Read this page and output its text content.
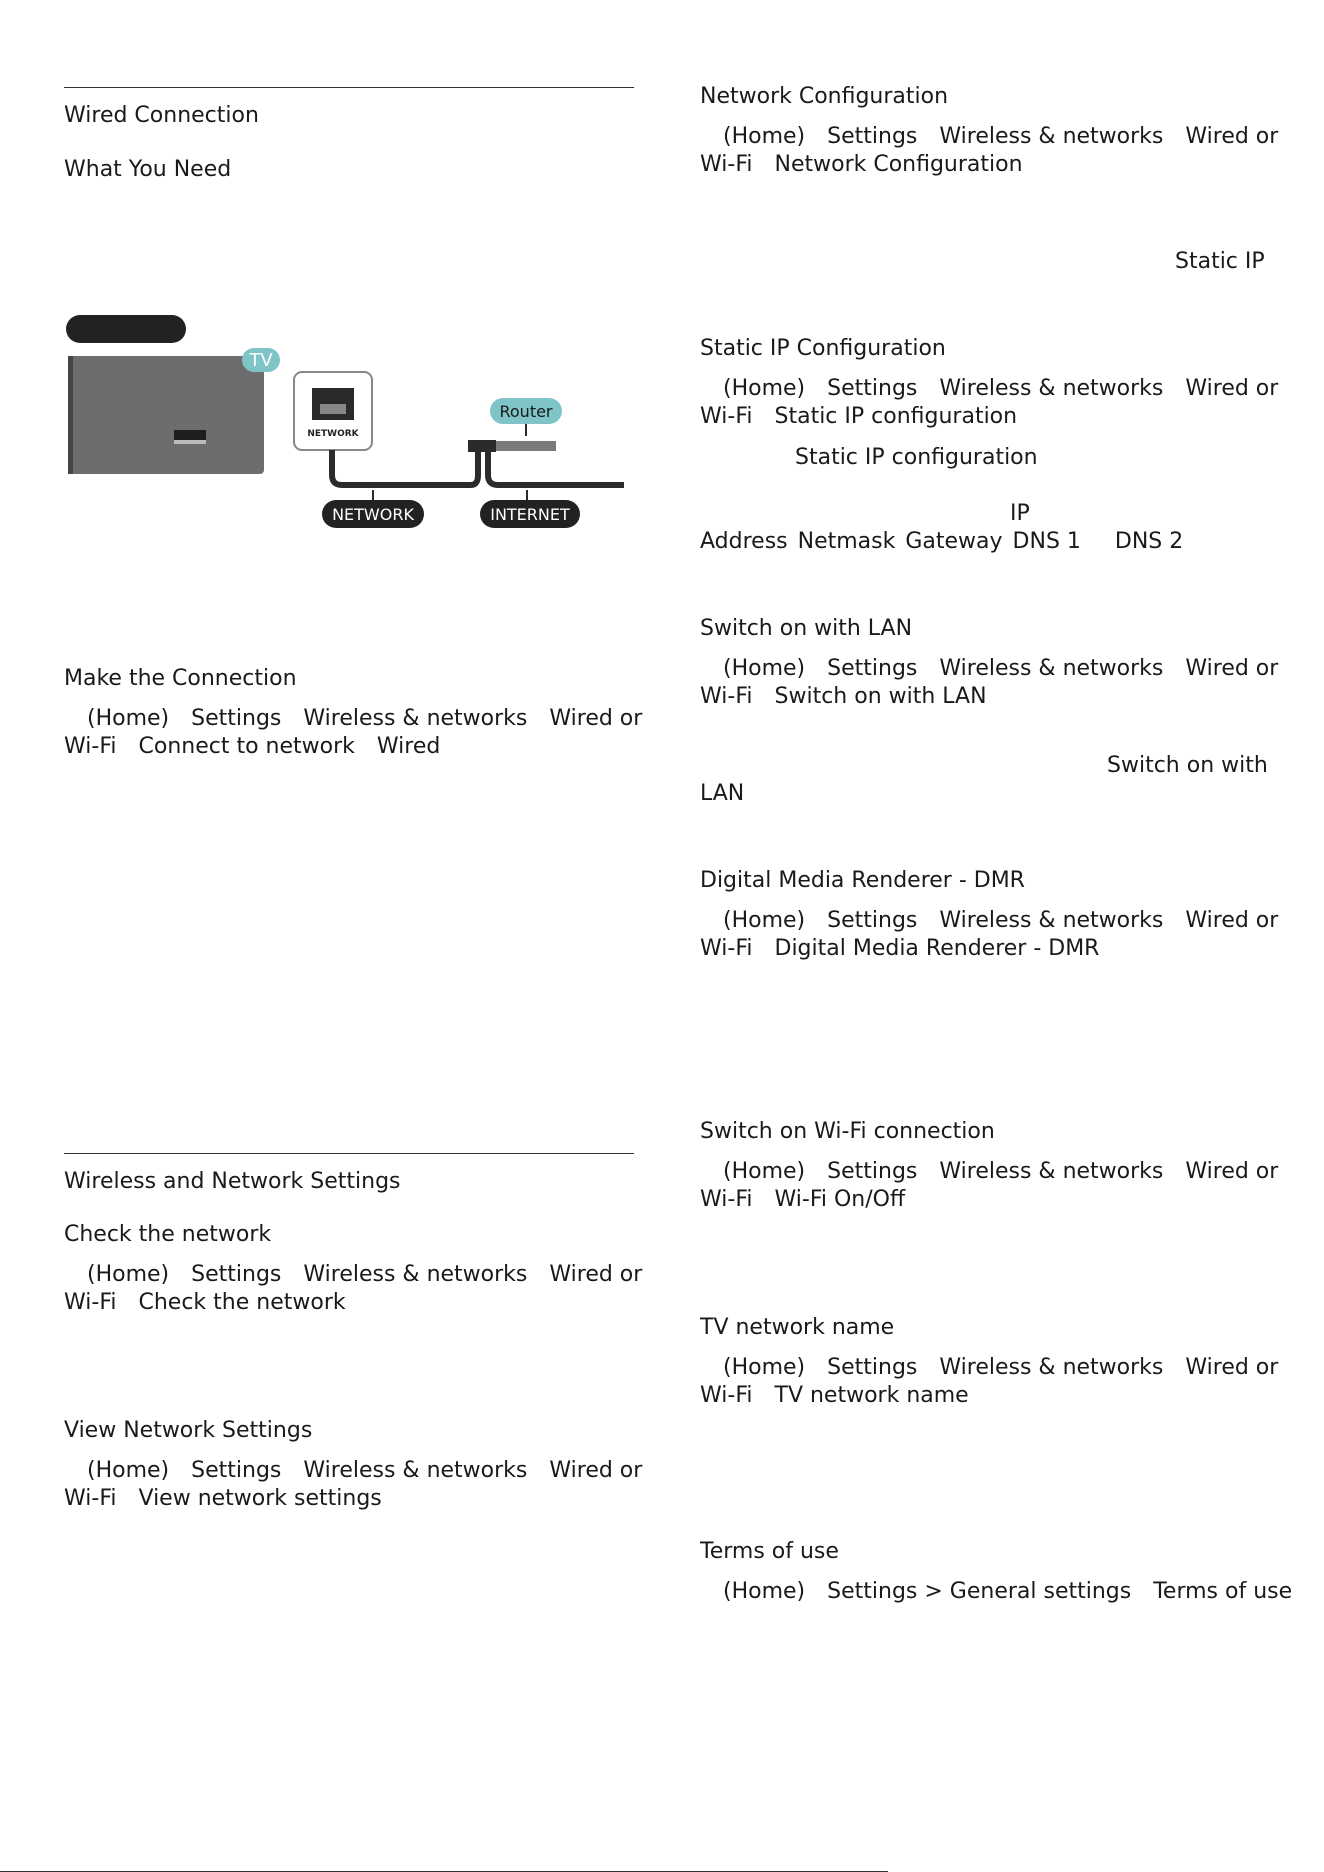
Wired Connection
What You Need
TV
NETWORK
Router
NETWORK	INTERNET
Make the Connection
(Home) Settings Wireless & networks Wired or
Wi-Fi Connect to network Wired
Wireless and Network Settings
Check the network
(Home) Settings Wireless & networks Wired or
Wi-Fi Check the network
View Network Settings
(Home) Settings Wireless & networks Wired or
Wi-Fi View network settings
Network Configuration
(Home) Settings Wireless & networks Wired or
Wi-Fi Network Configuration
Static IP
Static IP Configuration
(Home) Settings Wireless & networks Wired or
Wi-Fi Static IP configuration
Static IP configuration
IP
Address Netmask Gateway DNS 1 DNS 2
Switch on with LAN
(Home) Settings Wireless & networks Wired or
Wi-Fi Switch on with LAN
Switch on with
LAN
Digital Media Renderer - DMR
(Home) Settings Wireless & networks Wired or
Wi-Fi Digital Media Renderer - DMR
Switch on Wi-Fi connection
(Home) Settings Wireless & networks Wired or
Wi-Fi Wi-Fi On/Off
TV network name
(Home) Settings Wireless & networks Wired or
Wi-Fi TV network name
Terms of use
(Home) Settings > General settings Terms of use
